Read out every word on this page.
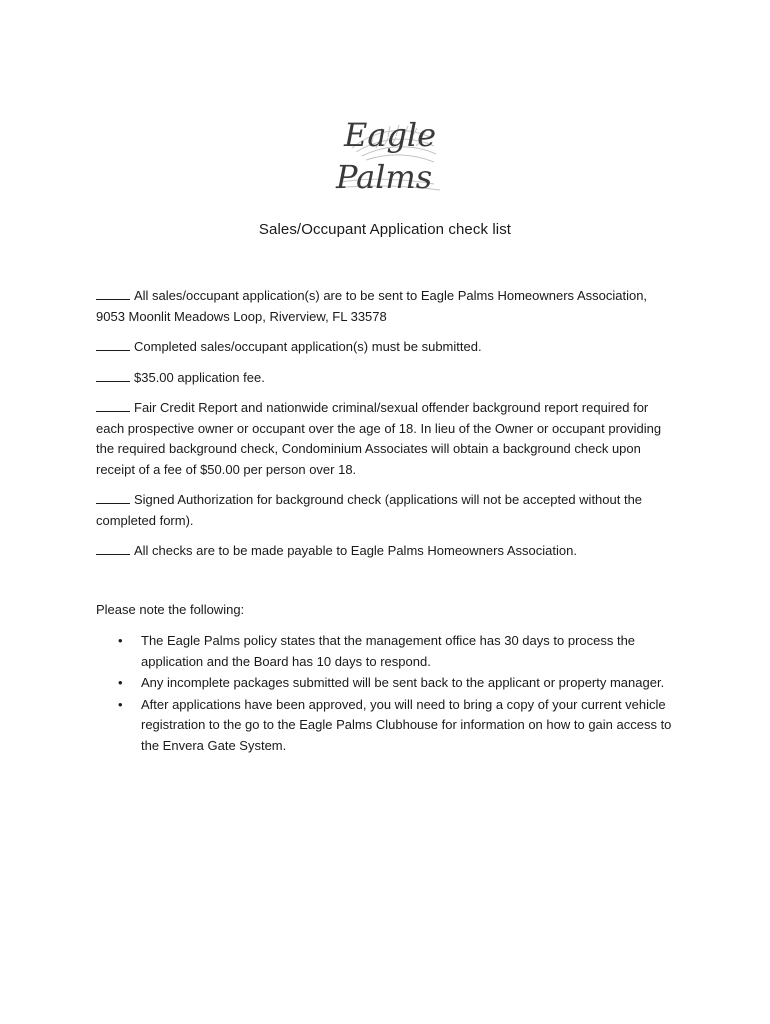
Eagle
Palms
Sales/Occupant Application check list
All sales/occupant application(s) are to be sent to Eagle Palms Homeowners Association, 9053 Moonlit Meadows Loop, Riverview, FL 33578
Completed sales/occupant application(s) must be submitted.
$35.00 application fee.
Fair Credit Report and nationwide criminal/sexual offender background report required for each prospective owner or occupant over the age of 18. In lieu of the Owner or occupant providing the required background check, Condominium Associates will obtain a background check upon receipt of a fee of $50.00 per person over 18.
Signed Authorization for background check (applications will not be accepted without the completed form).
All checks are to be made payable to Eagle Palms Homeowners Association.
Please note the following:
• The Eagle Palms policy states that the management office has 30 days to process the application and the Board has 10 days to respond.
• Any incomplete packages submitted will be sent back to the applicant or property manager.
• After applications have been approved, you will need to bring a copy of your current vehicle registration to the go to the Eagle Palms Clubhouse for information on how to gain access to the Envera Gate System.
